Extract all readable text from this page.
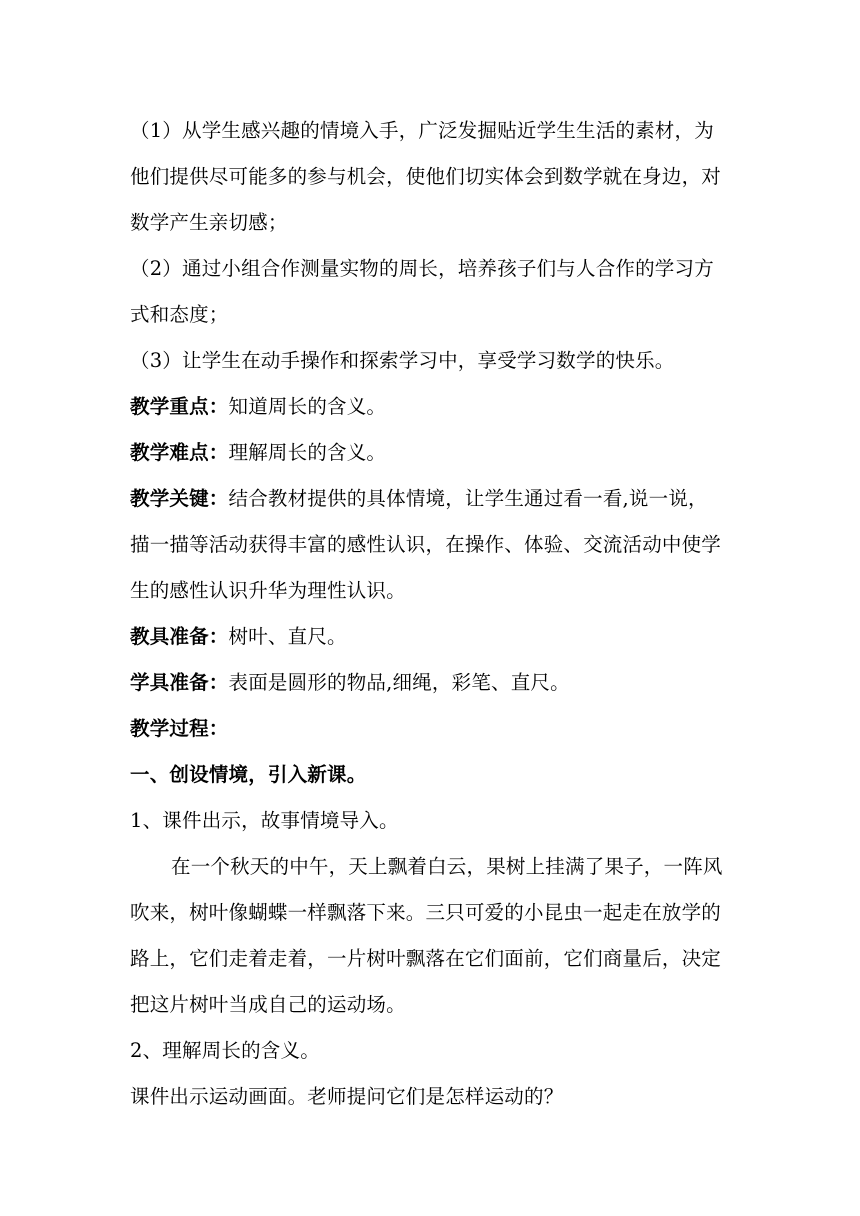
（1）从学生感兴趣的情境入手，广泛发掘贴近学生生活的素材，为
他们提供尽可能多的参与机会，使他们切实体会到数学就在身边，对
数学产生亲切感；
（2）通过小组合作测量实物的周长，培养孩子们与人合作的学习方
式和态度；
（3）让学生在动手操作和探索学习中，享受学习数学的快乐。
教学重点：知道周长的含义。
教学难点：理解周长的含义。
教学关键：结合教材提供的具体情境，让学生通过看一看,说一说，
描一描等活动获得丰富的感性认识，在操作、体验、交流活动中使学
生的感性认识升华为理性认识。
教具准备：树叶、直尺。
学具准备：表面是圆形的物品,细绳，彩笔、直尺。
教学过程：
一、创设情境，引入新课。
1、课件出示，故事情境导入。
在一个秋天的中午，天上飘着白云，果树上挂满了果子，一阵风
吹来，树叶像蝴蝶一样飘落下来。三只可爱的小昆虫一起走在放学的
路上，它们走着走着，一片树叶飘落在它们面前，它们商量后，决定
把这片树叶当成自己的运动场。
2、理解周长的含义。
课件出示运动画面。老师提问它们是怎样运动的？
